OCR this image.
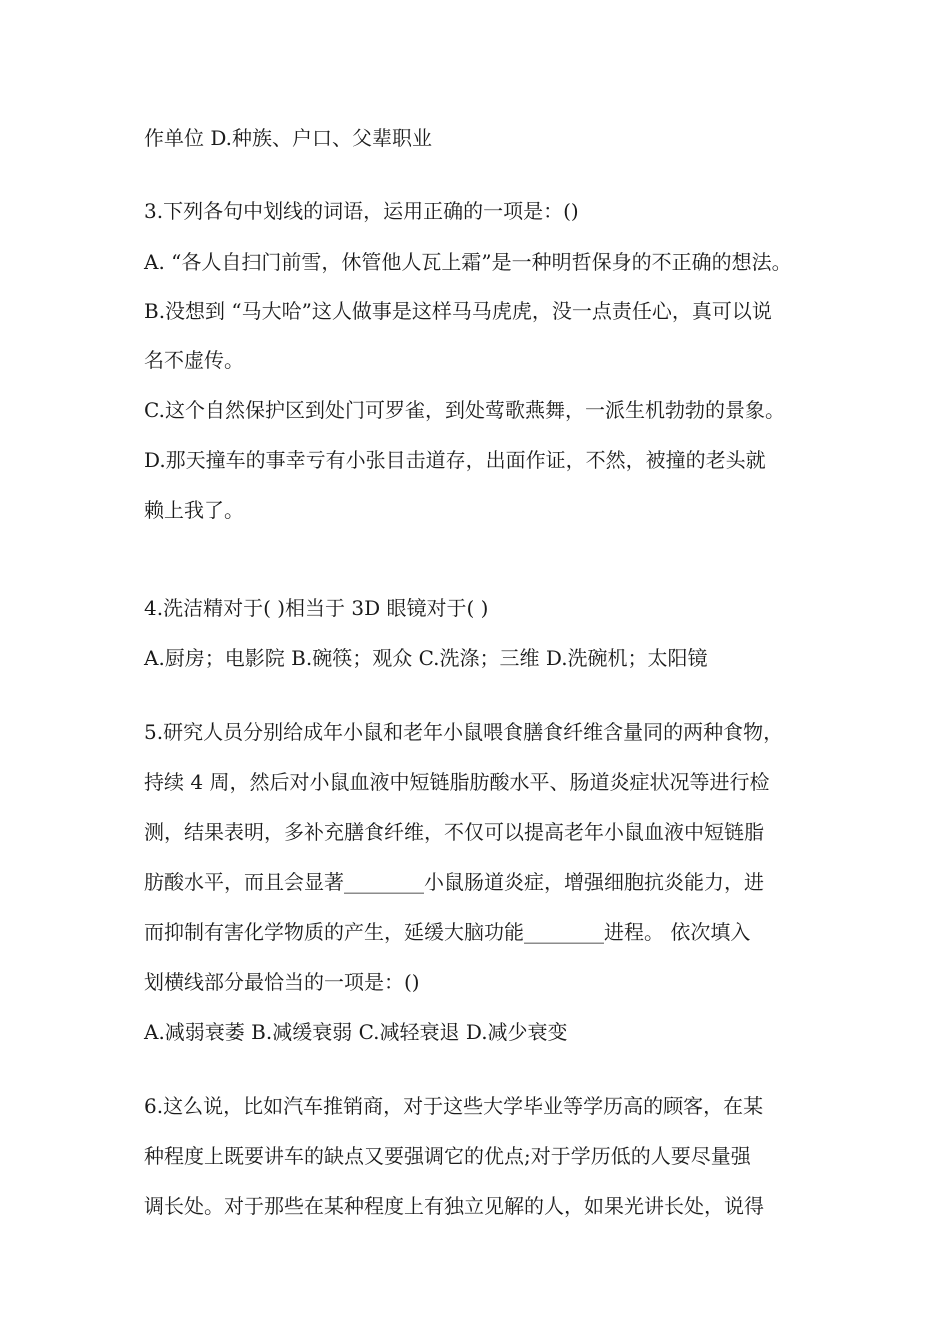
作单位 D.种族、户口、父辈职业
3.下列各句中划线的词语，运用正确的一项是：()
A. “各人自扫门前雪，休管他人瓦上霜”是一种明哲保身的不正确的想法。
B.没想到 “马大哈”这人做事是这样马马虎虎，没一点责任心，真可以说
名不虚传。
C.这个自然保护区到处门可罗雀，到处莺歌燕舞，一派生机勃勃的景象。
D.那天撞车的事幸亏有小张目击道存，出面作证，不然，被撞的老头就
赖上我了。
4.洗洁精对于( )相当于 3D 眼镜对于( )
A.厨房；电影院 B.碗筷；观众 C.洗涤；三维 D.洗碗机；太阳镜
5.研究人员分别给成年小鼠和老年小鼠喂食膳食纤维含量同的两种食物，
持续 4 周，然后对小鼠血液中短链脂肪酸水平、肠道炎症状况等进行检
测，结果表明，多补充膳食纤维，不仅可以提高老年小鼠血液中短链脂
肪酸水平，而且会显著________小鼠肠道炎症，增强细胞抗炎能力，进
而抑制有害化学物质的产生，延缓大脑功能________进程。 依次填入
划横线部分最恰当的一项是：()
A.减弱衰萎 B.减缓衰弱 C.减轻衰退 D.减少衰变
6.这么说，比如汽车推销商，对于这些大学毕业等学历高的顾客，在某
种程度上既要讲车的缺点又要强调它的优点;对于学历低的人要尽量强
调长处。对于那些在某种程度上有独立见解的人，如果光讲长处，说得
